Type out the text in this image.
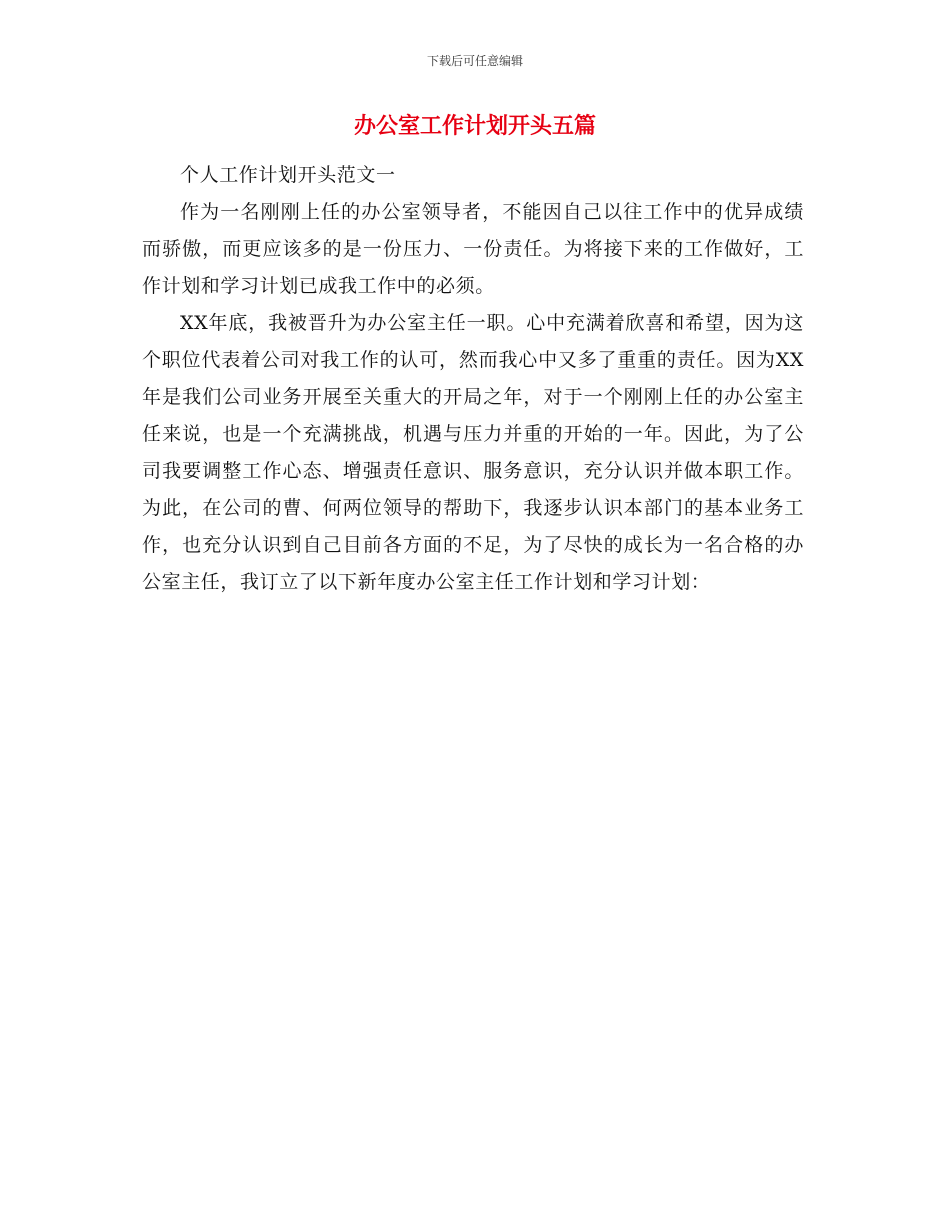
下载后可任意编辑
办公室工作计划开头五篇

个人工作计划开头范文一

作为一名刚刚上任的办公室领导者，不能因自己以往工作中的优异成绩而骄傲，而更应该多的是一份压力、一份责任。为将接下来的工作做好，工作计划和学习计划已成我工作中的必须。

XX年底，我被晋升为办公室主任一职。心中充满着欣喜和希望，因为这个职位代表着公司对我工作的认可，然而我心中又多了重重的责任。因为XX年是我们公司业务开展至关重大的开局之年，对于一个刚刚上任的办公室主任来说，也是一个充满挑战，机遇与压力并重的开始的一年。因此，为了公司我要调整工作心态、增强责任意识、服务意识，充分认识并做本职工作。为此，在公司的曹、何两位领导的帮助下，我逐步认识本部门的基本业务工作，也充分认识到自己目前各方面的不足，为了尽快的成长为一名合格的办公室主任，我订立了以下新年度办公室主任工作计划和学习计划：
